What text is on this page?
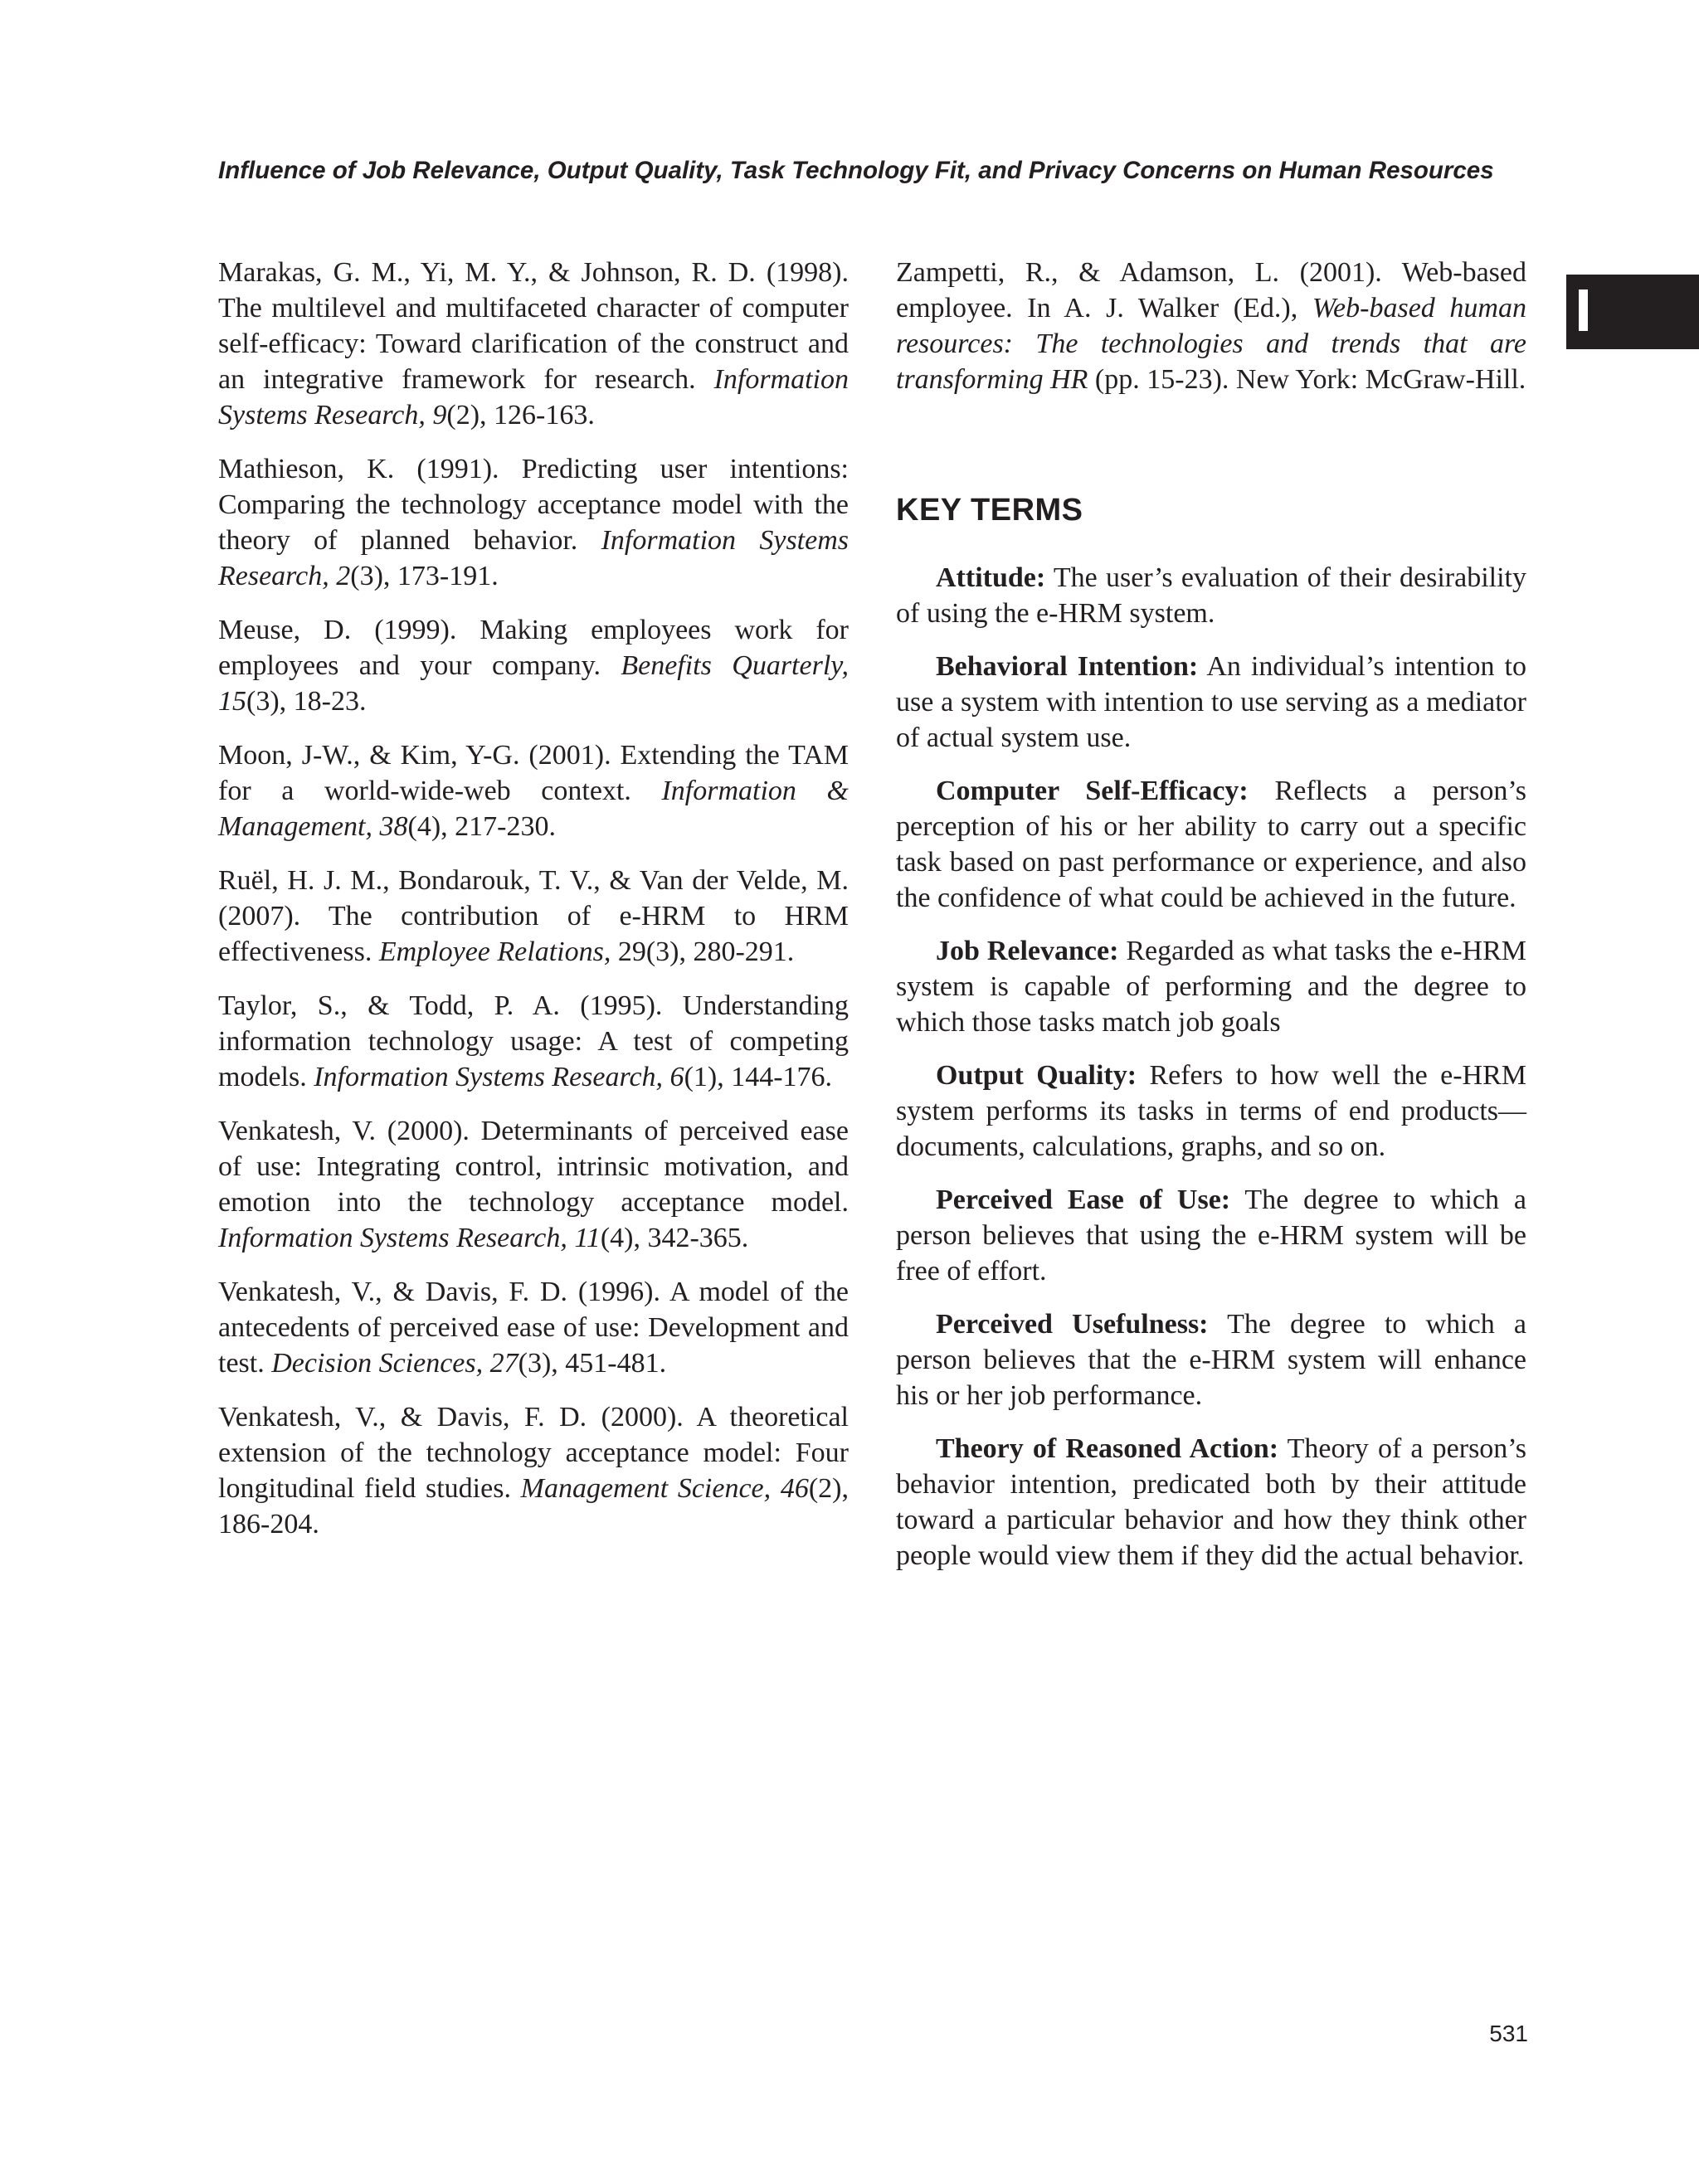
Influence of Job Relevance, Output Quality, Task Technology Fit, and Privacy Concerns on Human Resources

Marakas, G. M., Yi, M. Y., & Johnson, R. D. (1998). The multilevel and multifaceted character of computer self-efficacy: Toward clarification of the construct and an integrative framework for research. Information Systems Research, 9(2), 126-163.

Mathieson, K. (1991). Predicting user intentions: Comparing the technology acceptance model with the theory of planned behavior. Information Systems Research, 2(3), 173-191.

Meuse, D. (1999). Making employees work for employees and your company. Benefits Quarterly, 15(3), 18-23.

Moon, J-W., & Kim, Y-G. (2001). Extending the TAM for a world-wide-web context. Information & Management, 38(4), 217-230.

Ruël, H. J. M., Bondarouk, T. V., & Van der Velde, M. (2007). The contribution of e-HRM to HRM effectiveness. Employee Relations, 29(3), 280-291.

Taylor, S., & Todd, P. A. (1995). Understanding information technology usage: A test of competing models. Information Systems Research, 6(1), 144-176.

Venkatesh, V. (2000). Determinants of perceived ease of use: Integrating control, intrinsic motivation, and emotion into the technology acceptance model. Information Systems Research, 11(4), 342-365.

Venkatesh, V., & Davis, F. D. (1996). A model of the antecedents of perceived ease of use: Development and test. Decision Sciences, 27(3), 451-481.

Venkatesh, V., & Davis, F. D. (2000). A theoretical extension of the technology acceptance model: Four longitudinal field studies. Management Science, 46(2), 186-204.

Zampetti, R., & Adamson, L. (2001). Web-based employee. In A. J. Walker (Ed.), Web-based human resources: The technologies and trends that are transforming HR (pp. 15-23). New York: McGraw-Hill.

KEY TERMS

Attitude: The user’s evaluation of their desirability of using the e-HRM system.

Behavioral Intention: An individual’s intention to use a system with intention to use serving as a mediator of actual system use.

Computer Self-Efficacy: Reflects a person’s perception of his or her ability to carry out a specific task based on past performance or experience, and also the confidence of what could be achieved in the future.

Job Relevance: Regarded as what tasks the e-HRM system is capable of performing and the degree to which those tasks match job goals

Output Quality: Refers to how well the e-HRM system performs its tasks in terms of end products—documents, calculations, graphs, and so on.

Perceived Ease of Use: The degree to which a person believes that using the e-HRM system will be free of effort.

Perceived Usefulness: The degree to which a person believes that the e-HRM system will enhance his or her job performance.

Theory of Reasoned Action: Theory of a person’s behavior intention, predicated both by their attitude toward a particular behavior and how they think other people would view them if they did the actual behavior.

531
